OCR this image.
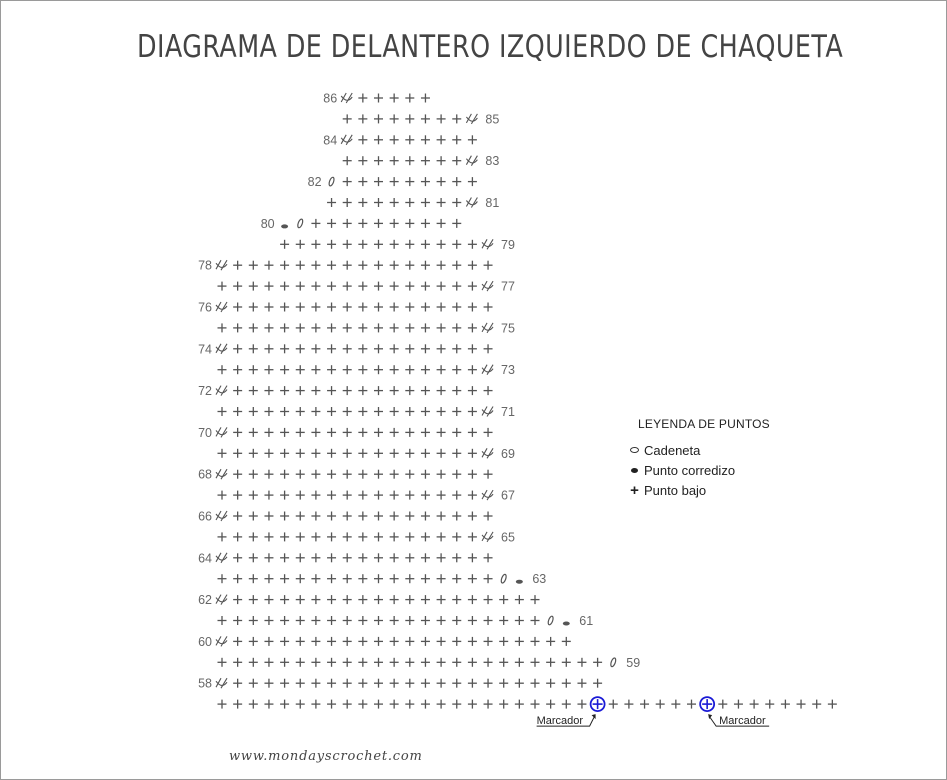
DIAGRAMA DE DELANTERO IZQUIERDO DE CHAQUETA
86
85
84
83
82
81
80
79
78
77
76
75
74
73
72
71
70
69
68
67
66
65
64
63
62
61
60
59
58
Marcador	Marcador
LEYENDA DE PUNTOS
Cadeneta
Punto corredizo
+ Punto bajo
www.mondayscrochet.com
